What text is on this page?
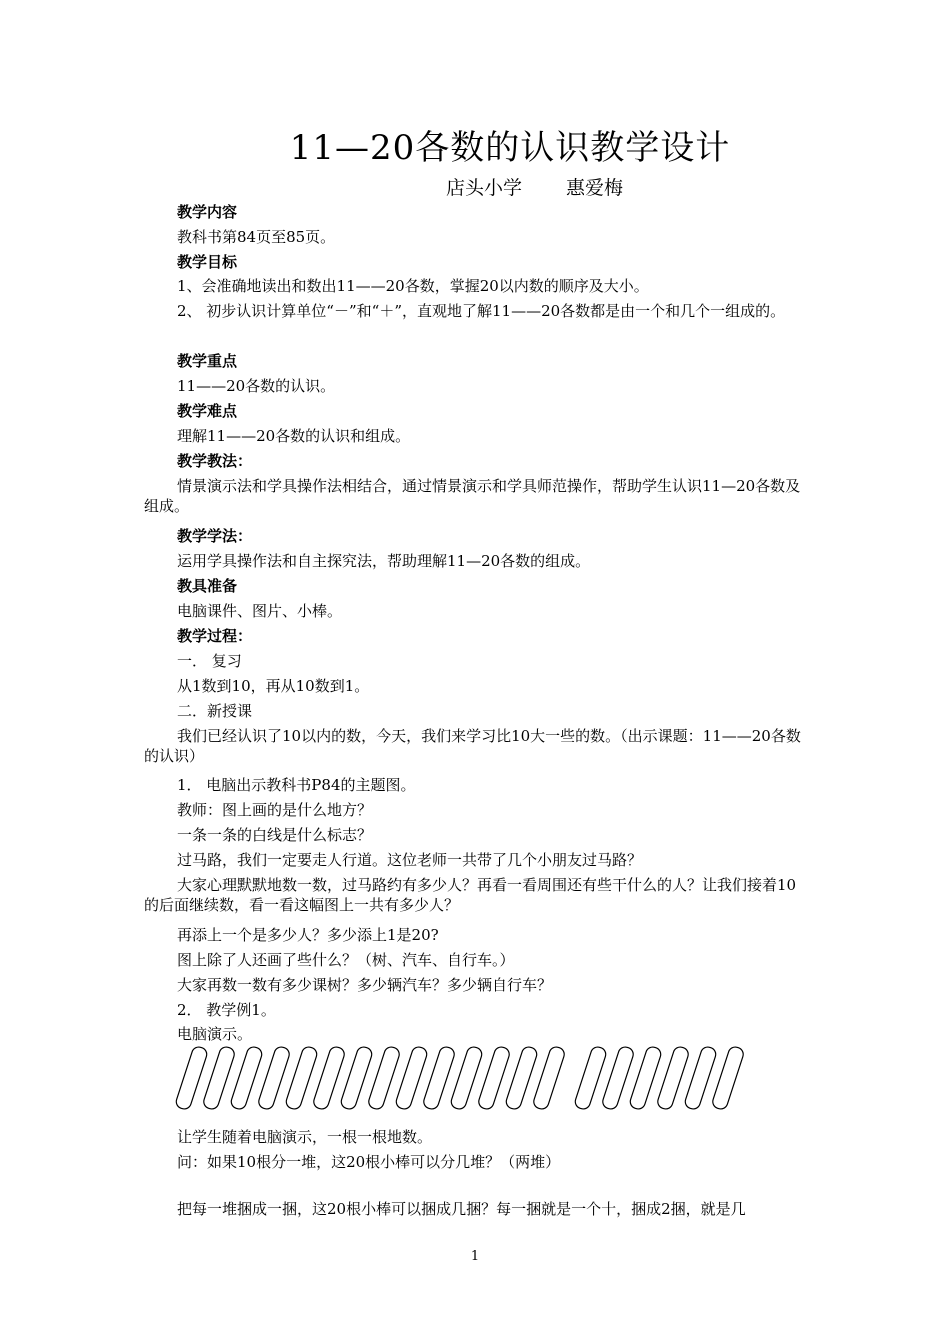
11—20各数的认识教学设计
店头小学 惠爱梅
教学内容
教科书第84页至85页。
教学目标
1、会准确地读出和数出11——20各数，掌握20以内数的顺序及大小。
2、 初步认识计算单位“－”和“＋”，直观地了解11——20各数都是由一个和几个一组成的。
教学重点
11——20各数的认识。
教学难点
理解11——20各数的认识和组成。
教学教法：
情景演示法和学具操作法相结合，通过情景演示和学具师范操作，帮助学生认识11—20各数及组成。
教学学法：
运用学具操作法和自主探究法，帮助理解11—20各数的组成。
教具准备
电脑课件、图片、小棒。
教学过程：
一． 复习
从1数到10，再从10数到1。
二．新授课
我们已经认识了10以内的数，今天，我们来学习比10大一些的数。（出示课题：11——20各数的认识）
1． 电脑出示教科书P84的主题图。
教师：图上画的是什么地方？
一条一条的白线是什么标志？
过马路，我们一定要走人行道。这位老师一共带了几个小朋友过马路？
大家心理默默地数一数，过马路约有多少人？再看一看周围还有些干什么的人？让我们接着10的后面继续数，看一看这幅图上一共有多少人？
再添上一个是多少人？多少添上1是20?
图上除了人还画了些什么？（树、汽车、自行车。）
大家再数一数有多少课树？多少辆汽车？多少辆自行车？
2． 教学例1。
电脑演示。
让学生随着电脑演示，一根一根地数。
问：如果10根分一堆，这20根小棒可以分几堆？（两堆）
把每一堆捆成一捆，这20根小棒可以捆成几捆？每一捆就是一个十，捆成2捆，就是几
1
